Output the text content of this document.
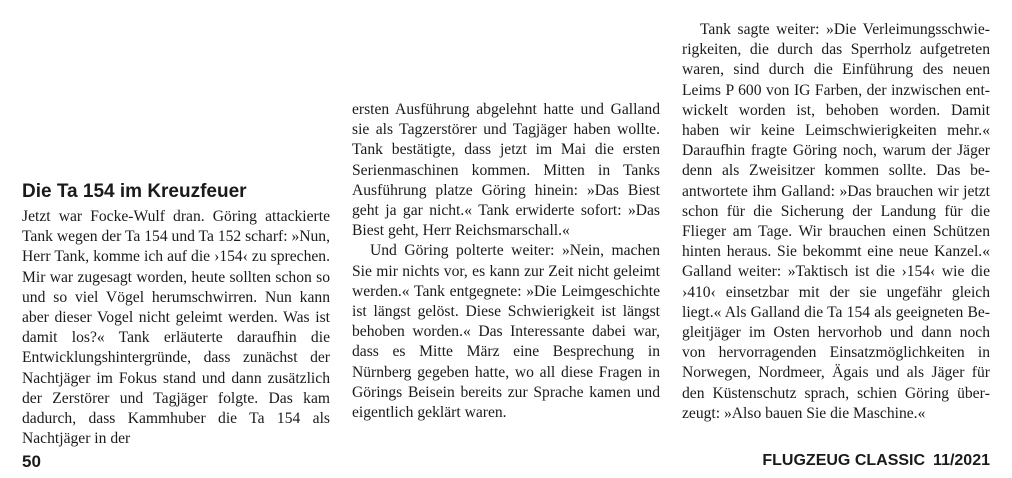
Die Ta 154 im Kreuzfeuer

Jetzt war Focke-Wulf dran. Göring attackierte Tank wegen der Ta 154 und Ta 152 scharf: »Nun, Herr Tank, komme ich auf die ›154‹ zu sprechen. Mir war zugesagt worden, heute sollten schon so und so viel Vögel herumschwirren. Nun kann aber dieser Vogel nicht geleimt werden. Was ist damit los?« Tank erläuterte daraufhin die Entwicklungshintergründe, dass zunächst der Nachtjäger im Fokus stand und dann zusätzlich der Zerstörer und Tagjäger folgte. Das kam dadurch, dass Kammhuber die Ta 154 als Nachtjäger in der

ersten Ausführung abgelehnt hatte und Galland sie als Tagzerstörer und Tagjäger haben wollte. Tank bestätigte, dass jetzt im Mai die ersten Serienmaschinen kommen. Mitten in Tanks Ausführung platze Göring hinein: »Das Biest geht ja gar nicht.« Tank erwiderte sofort: »Das Biest geht, Herr Reichsmarschall.«

Und Göring polterte weiter: »Nein, machen Sie mir nichts vor, es kann zur Zeit nicht geleimt werden.« Tank entgegnete: »Die Leimgeschichte ist längst gelöst. Diese Schwierigkeit ist längst behoben worden.« Das Interessante dabei war, dass es Mitte März eine Besprechung in Nürnberg gegeben hatte, wo all diese Fragen in Görings Beisein bereits zur Sprache kamen und eigentlich geklärt waren.

Tank sagte weiter: »Die Verleimungsschwierigkeiten, die durch das Sperrholz aufgetreten waren, sind durch die Einführung des neuen Leims P 600 von IG Farben, der inzwischen entwickelt worden ist, behoben worden. Damit haben wir keine Leimschwierigkeiten mehr.« Daraufhin fragte Göring noch, warum der Jäger denn als Zweisitzer kommen sollte. Das beantwortete ihm Galland: »Das brauchen wir jetzt schon für die Sicherung der Landung für die Flieger am Tage. Wir brauchen einen Schützen hinten heraus. Sie bekommt eine neue Kanzel.« Galland weiter: »Taktisch ist die ›154‹ wie die ›410‹ einsetzbar mit der sie ungefähr gleich liegt.« Als Galland die Ta 154 als geeigneten Begleitjäger im Osten hervorhob und dann noch von hervorragenden Einsatzmöglichkeiten in Norwegen, Nordmeer, Ägais und als Jäger für den Küstenschutz sprach, schien Göring überzeugt: »Also bauen Sie die Maschine.«

50	FLUGZEUG CLASSIC 11/2021
